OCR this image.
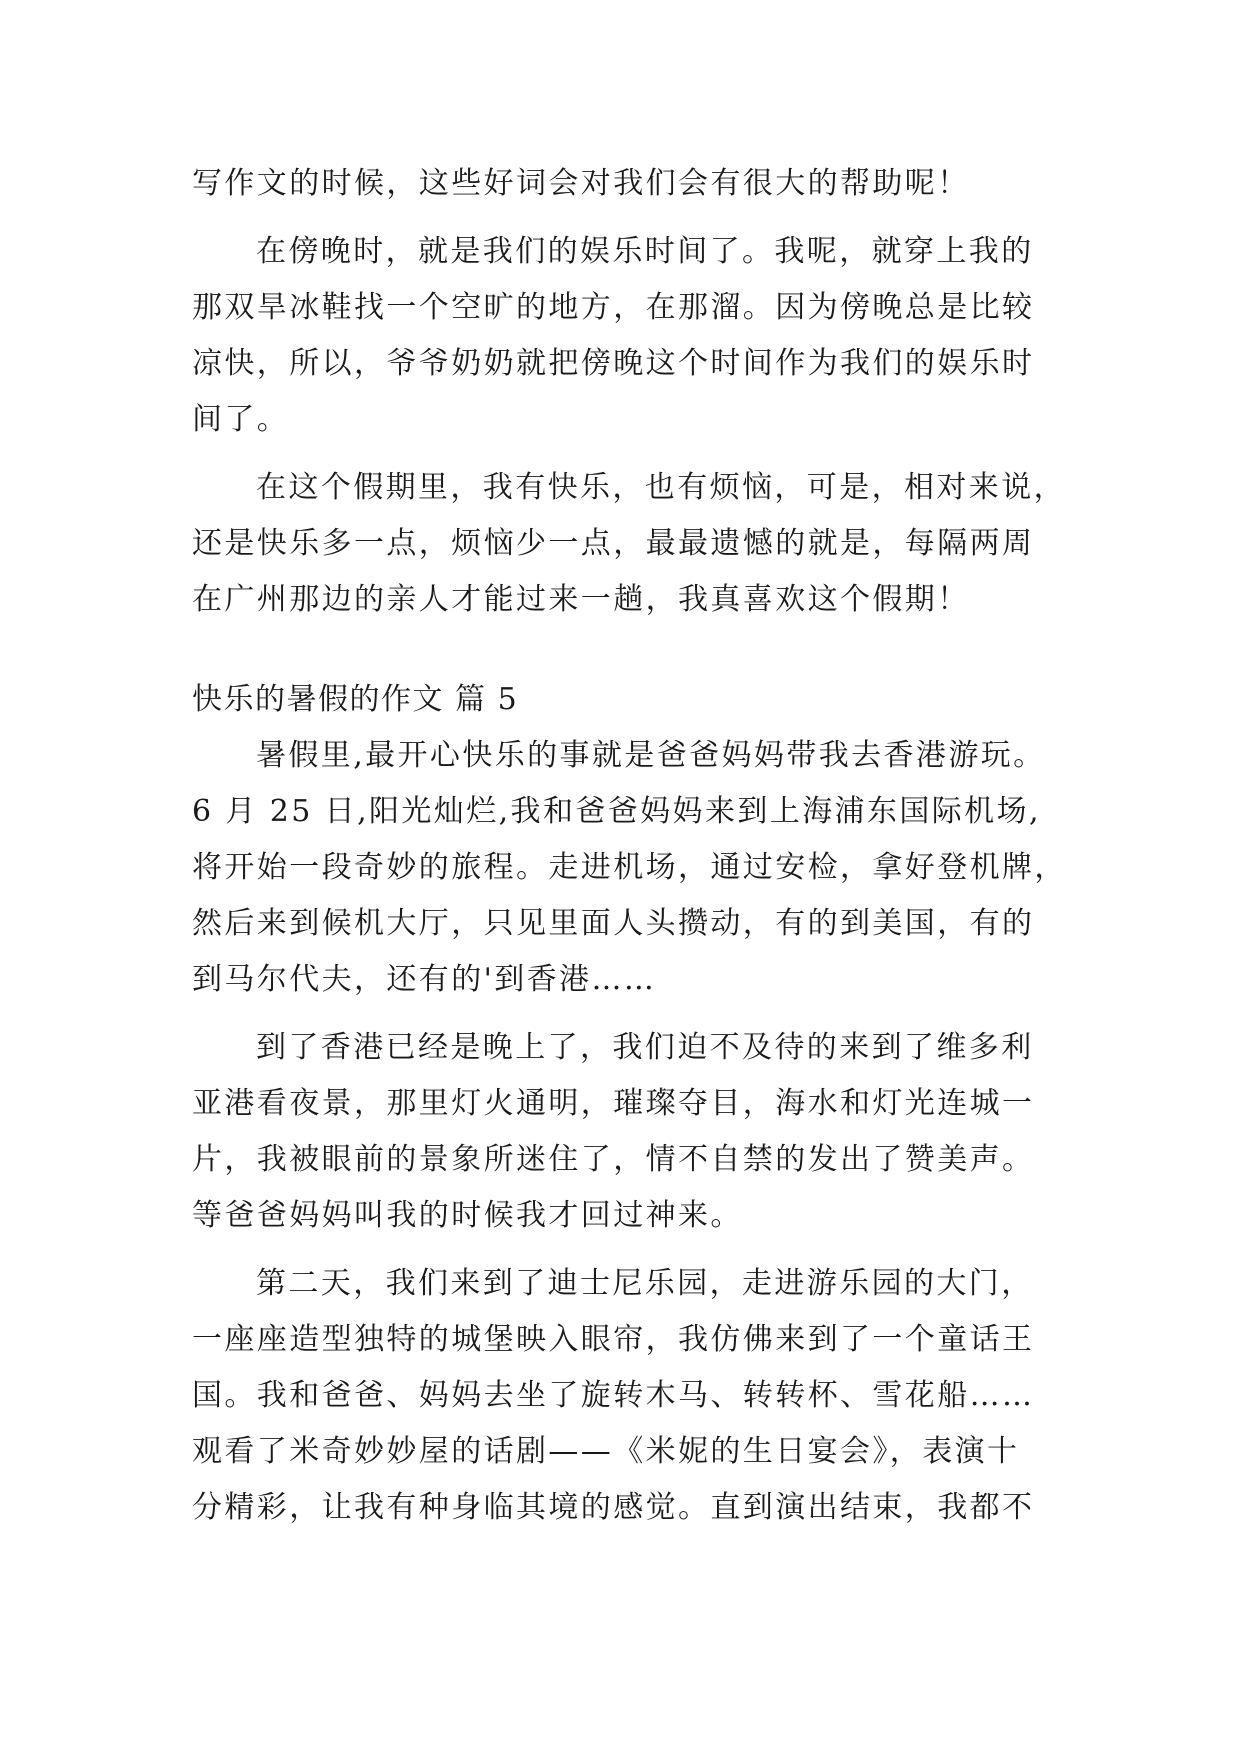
写作文的时候，这些好词会对我们会有很大的帮助呢！
在傍晚时，就是我们的娱乐时间了。我呢，就穿上我的
那双旱冰鞋找一个空旷的地方，在那溜。因为傍晚总是比较
凉快，所以，爷爷奶奶就把傍晚这个时间作为我们的娱乐时
间了。
在这个假期里，我有快乐，也有烦恼，可是，相对来说，
还是快乐多一点，烦恼少一点，最最遗憾的就是，每隔两周
在广州那边的亲人才能过来一趟，我真喜欢这个假期！
快乐的暑假的作文 篇 5
暑假里,最开心快乐的事就是爸爸妈妈带我去香港游玩。
6 月 25 日,阳光灿烂,我和爸爸妈妈来到上海浦东国际机场,
将开始一段奇妙的旅程。走进机场，通过安检，拿好登机牌，
然后来到候机大厅，只见里面人头攒动，有的到美国，有的
到马尔代夫，还有的'到香港……
到了香港已经是晚上了，我们迫不及待的来到了维多利
亚港看夜景，那里灯火通明，璀璨夺目，海水和灯光连城一
片，我被眼前的景象所迷住了，情不自禁的发出了赞美声。
等爸爸妈妈叫我的时候我才回过神来。
第二天，我们来到了迪士尼乐园，走进游乐园的大门，
一座座造型独特的城堡映入眼帘，我仿佛来到了一个童话王
国。我和爸爸、妈妈去坐了旋转木马、转转杯、雪花船……
观看了米奇妙妙屋的话剧——《米妮的生日宴会》，表演十
分精彩，让我有种身临其境的感觉。直到演出结束，我都不
